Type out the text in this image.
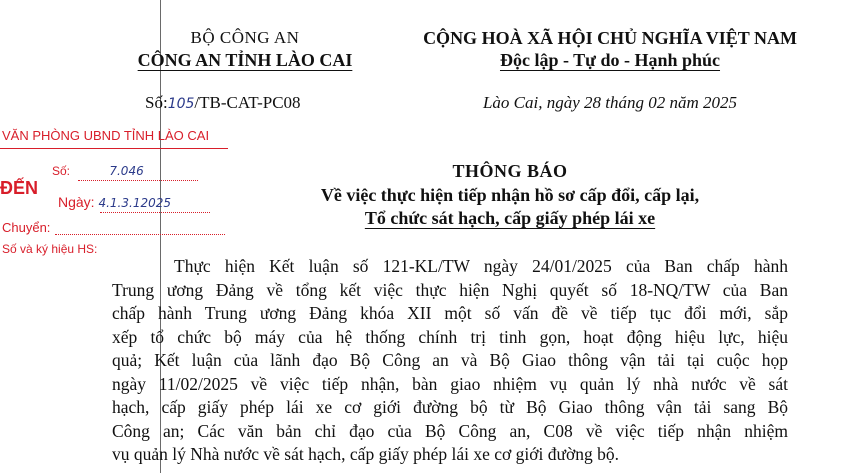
BỘ CÔNG AN
CÔNG AN TỈNH LÀO CAI
Số:105/TB-CAT-PC08
CỘNG HOÀ XÃ HỘI CHỦ NGHĨA VIỆT NAM
Độc lập - Tự do - Hạnh phúc
Lào Cai, ngày 28 tháng 02 năm 2025
THÔNG BÁO
Về việc thực hiện tiếp nhận hồ sơ cấp đổi, cấp lại,
Tổ chức sát hạch, cấp giấy phép lái xe
VĂN PHÒNG UBND TỈNH LÀO CAI
ĐẾN
Số:	7.046
Ngày: 4.1.3.12025
Chuyển:
Số và ký hiệu HS:
Thực hiện Kết luận số 121-KL/TW ngày 24/01/2025 của Ban chấp hành
Trung ương Đảng về tổng kết việc thực hiện Nghị quyết số 18-NQ/TW của Ban
chấp hành Trung ương Đảng khóa XII một số vấn đề về tiếp tục đổi mới, sắp
xếp tổ chức bộ máy của hệ thống chính trị tinh gọn, hoạt động hiệu lực, hiệu
quả; Kết luận của lãnh đạo Bộ Công an và Bộ Giao thông vận tải tại cuộc họp
ngày 11/02/2025 về việc tiếp nhận, bàn giao nhiệm vụ quản lý nhà nước về sát
hạch, cấp giấy phép lái xe cơ giới đường bộ từ Bộ Giao thông vận tải sang Bộ
Công an; Các văn bản chỉ đạo của Bộ Công an, C08 về việc tiếp nhận nhiệm
vụ quản lý Nhà nước về sát hạch, cấp giấy phép lái xe cơ giới đường bộ.
